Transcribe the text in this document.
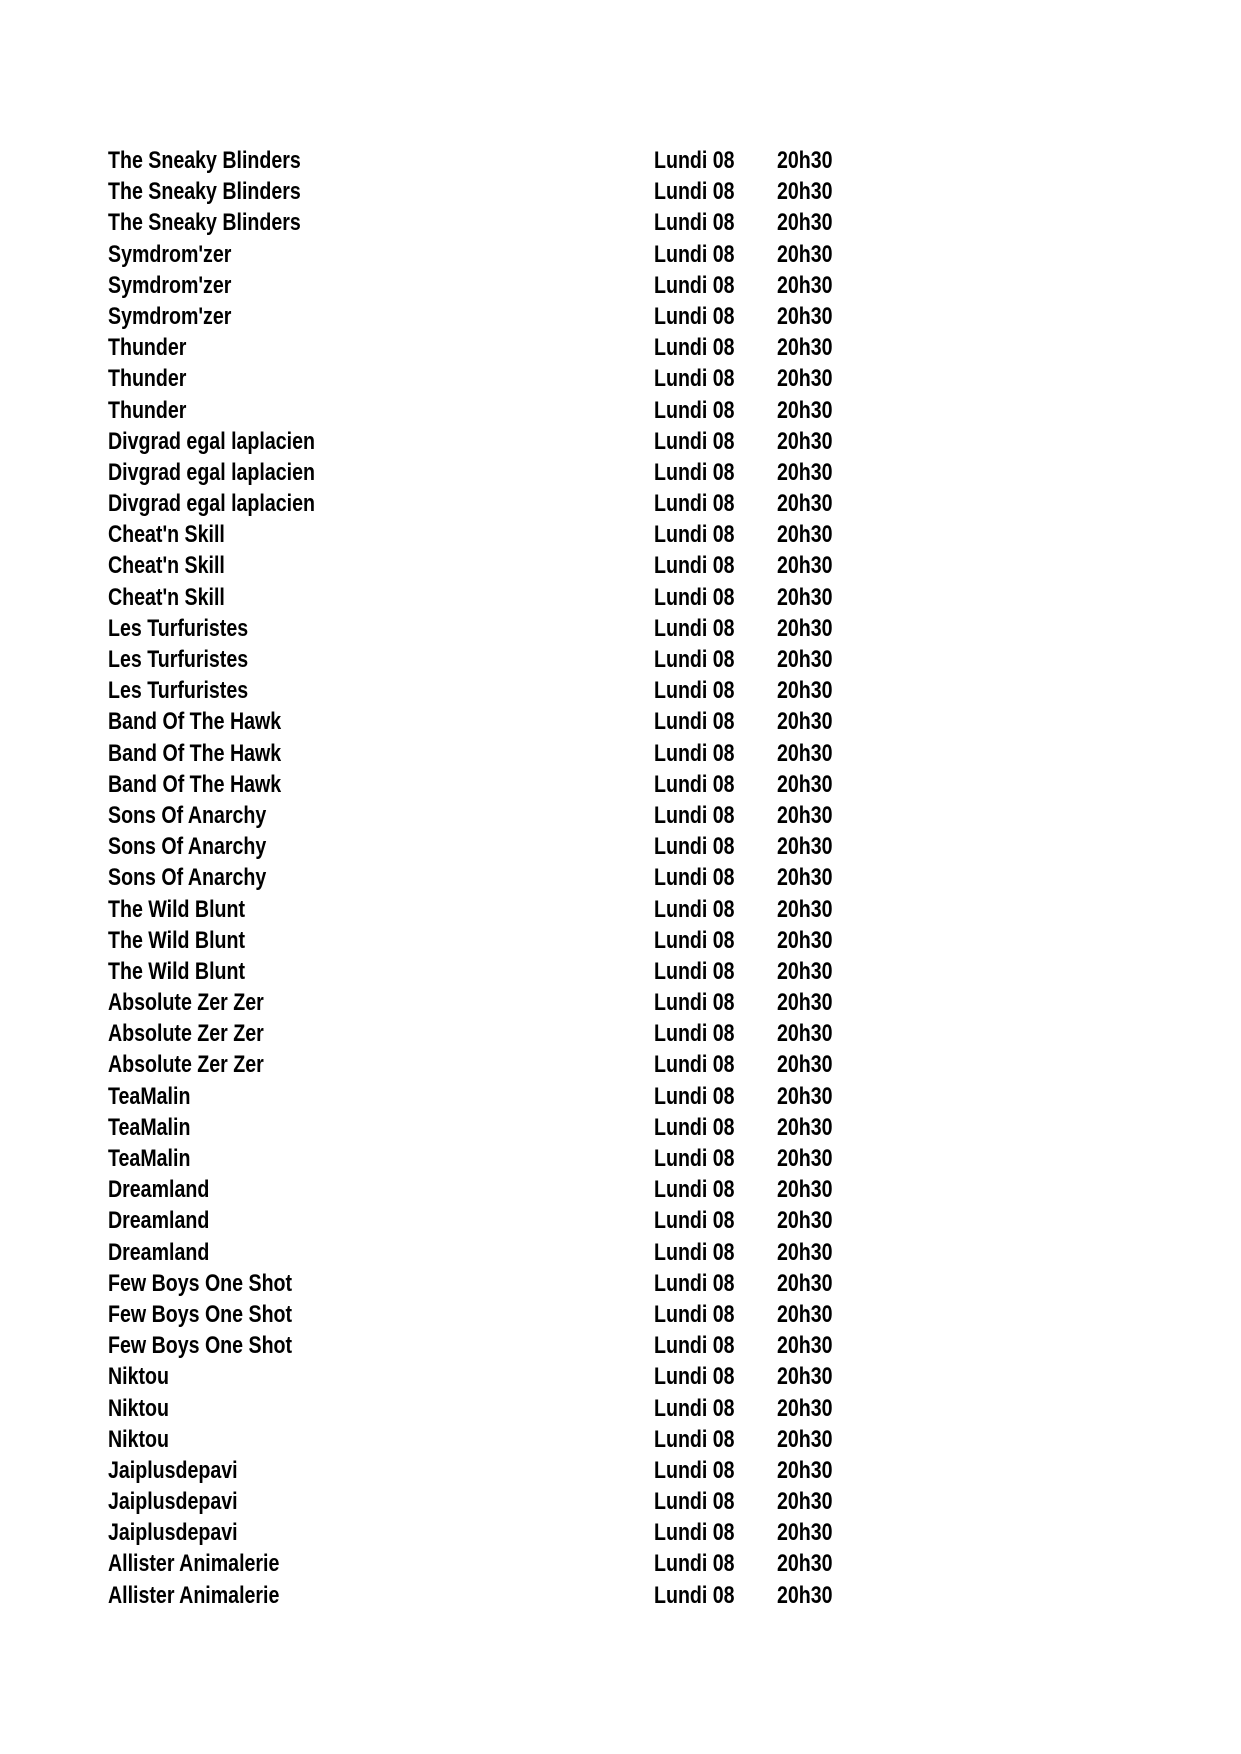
The Sneaky Blinders	Lundi 08 20h30
The Sneaky Blinders	Lundi 08 20h30
The Sneaky Blinders	Lundi 08 20h30
Symdrom'zer	Lundi 08 20h30
Symdrom'zer	Lundi 08 20h30
Symdrom'zer	Lundi 08 20h30
Thunder	Lundi 08 20h30
Thunder	Lundi 08 20h30
Thunder	Lundi 08 20h30
Divgrad egal laplacien	Lundi 08 20h30
Divgrad egal laplacien	Lundi 08 20h30
Divgrad egal laplacien	Lundi 08 20h30
Cheat'n Skill	Lundi 08 20h30
Cheat'n Skill	Lundi 08 20h30
Cheat'n Skill	Lundi 08 20h30
Les Turfuristes	Lundi 08 20h30
Les Turfuristes	Lundi 08 20h30
Les Turfuristes	Lundi 08 20h30
Band Of The Hawk	Lundi 08 20h30
Band Of The Hawk	Lundi 08 20h30
Band Of The Hawk	Lundi 08 20h30
Sons Of Anarchy	Lundi 08 20h30
Sons Of Anarchy	Lundi 08 20h30
Sons Of Anarchy	Lundi 08 20h30
The Wild Blunt	Lundi 08 20h30
The Wild Blunt	Lundi 08 20h30
The Wild Blunt	Lundi 08 20h30
Absolute Zer Zer	Lundi 08 20h30
Absolute Zer Zer	Lundi 08 20h30
Absolute Zer Zer	Lundi 08 20h30
TeaMalin	Lundi 08 20h30
TeaMalin	Lundi 08 20h30
TeaMalin	Lundi 08 20h30
Dreamland	Lundi 08 20h30
Dreamland	Lundi 08 20h30
Dreamland	Lundi 08 20h30
Few Boys One Shot	Lundi 08 20h30
Few Boys One Shot	Lundi 08 20h30
Few Boys One Shot	Lundi 08 20h30
Niktou	Lundi 08 20h30
Niktou	Lundi 08 20h30
Niktou	Lundi 08 20h30
Jaiplusdepavi	Lundi 08 20h30
Jaiplusdepavi	Lundi 08 20h30
Jaiplusdepavi	Lundi 08 20h30
Allister Animalerie	Lundi 08 20h30
Allister Animalerie	Lundi 08 20h30
